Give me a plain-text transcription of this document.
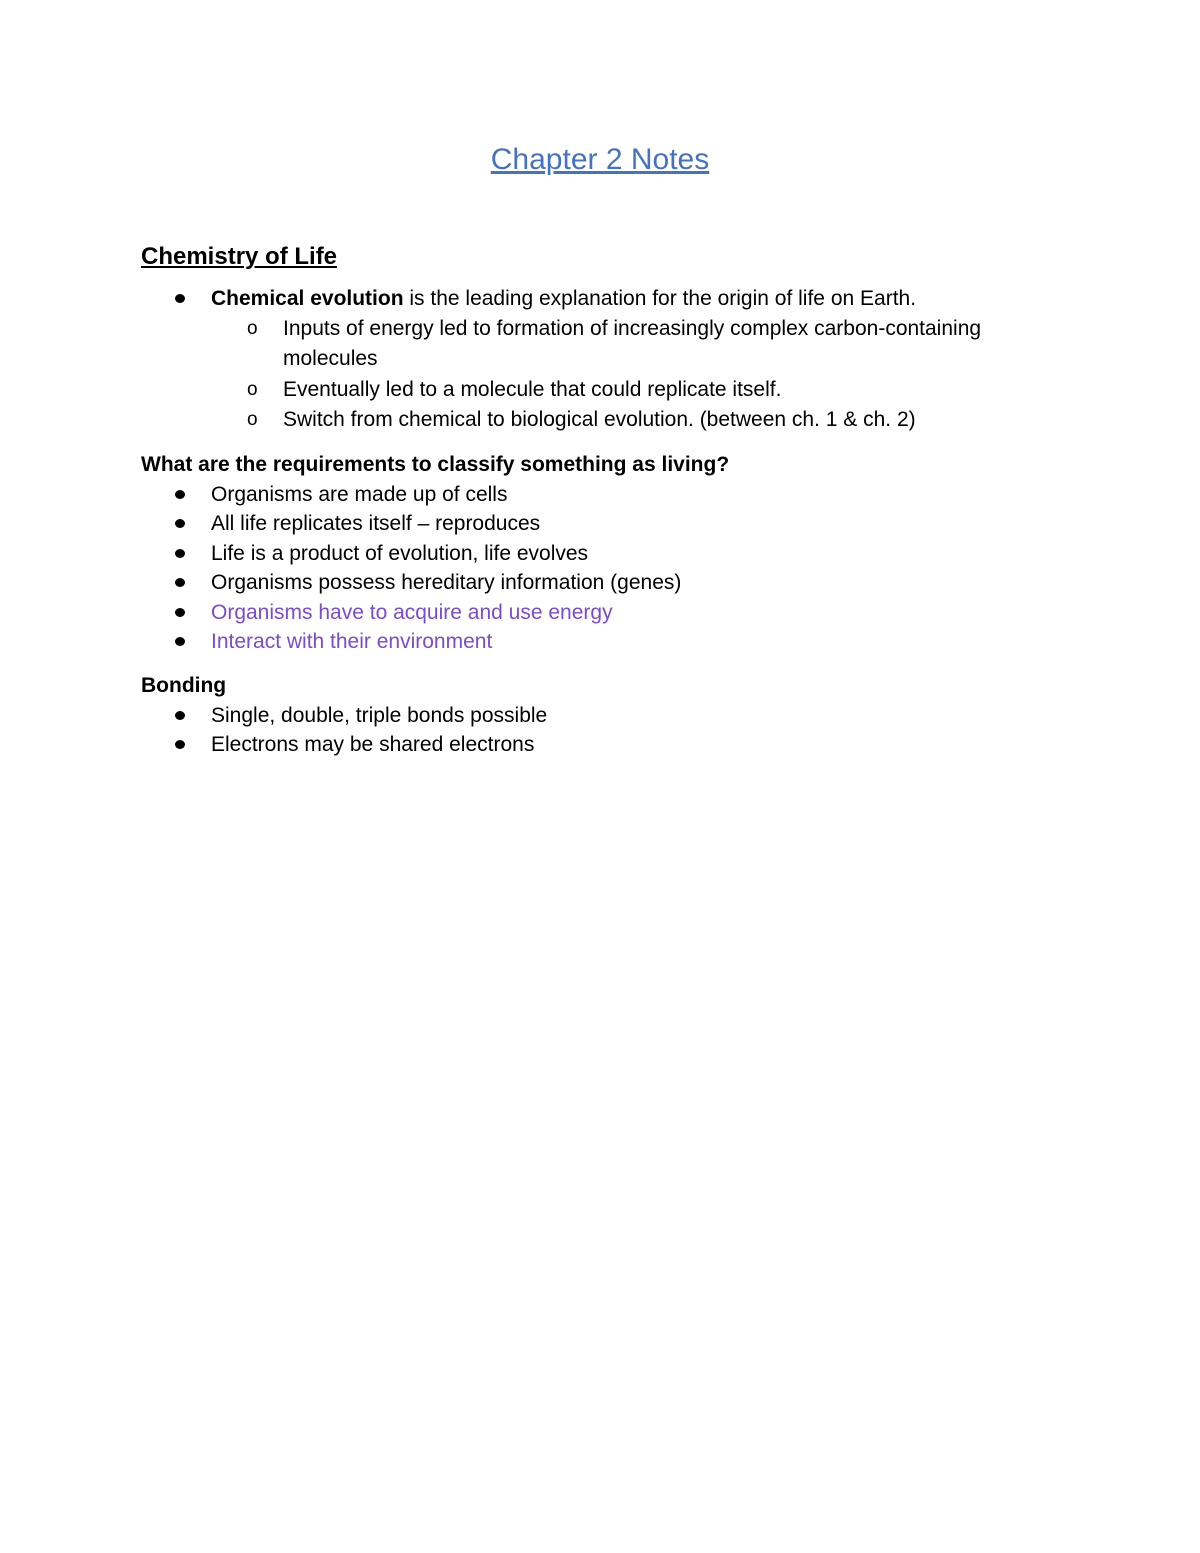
Chapter 2 Notes
Chemistry of Life
Chemical evolution is the leading explanation for the origin of life on Earth.
o	Inputs of energy led to formation of increasingly complex carbon-containing molecules
o	Eventually led to a molecule that could replicate itself.
o	Switch from chemical to biological evolution. (between ch. 1 & ch. 2)
What are the requirements to classify something as living?
Organisms are made up of cells
All life replicates itself – reproduces
Life is a product of evolution, life evolves
Organisms possess hereditary information (genes)
Organisms have to acquire and use energy
Interact with their environment
Bonding
Single, double, triple bonds possible
Electrons may be shared electrons
